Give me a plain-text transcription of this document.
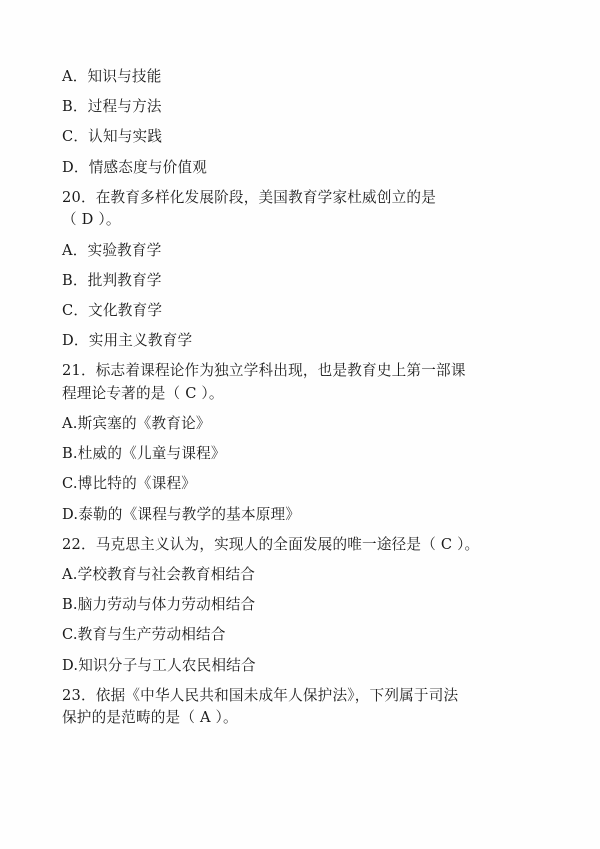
A．知识与技能

B．过程与方法

C．认知与实践

D．情感态度与价值观

20．在教育多样化发展阶段，美国教育学家杜威创立的是

（ D ）。

A．实验教育学

B．批判教育学

C．文化教育学

D．实用主义教育学

21．标志着课程论作为独立学科出现，也是教育史上第一部课

程理论专著的是（ C ）。

A.斯宾塞的《教育论》

B.杜威的《儿童与课程》

C.博比特的《课程》

D.泰勒的《课程与教学的基本原理》

22．马克思主义认为，实现人的全面发展的唯一途径是（ C ）。

A.学校教育与社会教育相结合

B.脑力劳动与体力劳动相结合

C.教育与生产劳动相结合

D.知识分子与工人农民相结合

23．依据《中华人民共和国未成年人保护法》，下列属于司法

保护的是范畴的是（ A ）。
